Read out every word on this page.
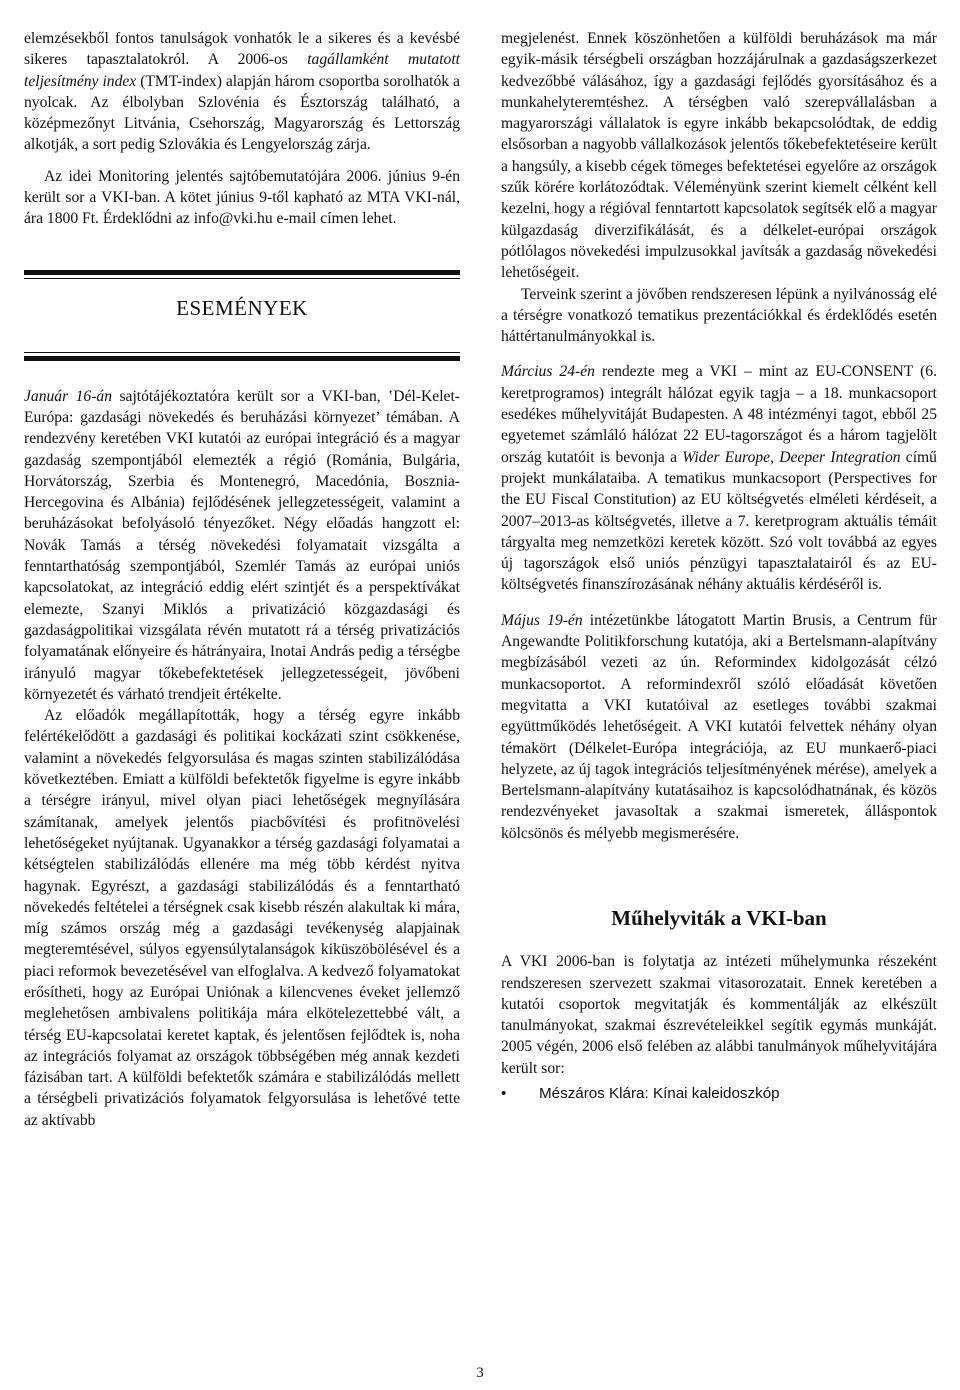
elemzésekből fontos tanulságok vonhatók le a sikeres és a kevésbé sikeres tapasztalatokról. A 2006-os tagállamként mutatott teljesítmény index (TMT-index) alapján három csoportba sorolhatók a nyolcak. Az élbolyban Szlovénia és Észtország található, a középmezőnyt Litvánia, Csehország, Magyarország és Lettország alkotják, a sort pedig Szlovákia és Lengyelország zárja.

Az idei Monitoring jelentés sajtóbemutatójára 2006. június 9-én került sor a VKI-ban. A kötet június 9-től kapható az MTA VKI-nál, ára 1800 Ft. Érdeklődni az info@vki.hu e-mail címen lehet.

ESEMÉNYEK

Január 16-án sajtótájékoztatóra került sor a VKI-ban, ‛Dél-Kelet-Európa: gazdasági növekedés és beruházási környezet’ témában. A rendezvény keretében VKI kutatói az európai integráció és a magyar gazdaság szempontjából elemezték a régió (Románia, Bulgária, Horvátország, Szerbia és Montenegró, Macedónia, Bosznia-Hercegovina és Albánia) fejlődésének jellegzetességeit, valamint a beruházásokat befolyásoló tényezőket. Négy előadás hangzott el: Novák Tamás a térség növekedési folyamatait vizsgálta a fenntarthatóság szempontjából, Szemlér Tamás az európai uniós kapcsolatokat, az integráció eddig elért szintjét és a perspektívákat elemezte, Szanyi Miklós a privatizáció közgazdasági és gazdaságpolitikai vizsgálata révén mutatott rá a térség privatizációs folyamatának előnyeire és hátrányaira, Inotai András pedig a térségbe irányuló magyar tőkebefektetések jellegzetességeit, jövőbeni környezetét és várható trendjeit értékelte.

Az előadók megállapították, hogy a térség egyre inkább felértékelődött a gazdasági és politikai kockázati szint csökkenése, valamint a növekedés felgyorsulása és magas szinten stabilizálódása következtében. Emiatt a külföldi befektetők figyelme is egyre inkább a térségre irányul, mivel olyan piaci lehetőségek megnyílására számítanak, amelyek jelentős piacbővítési és profitnövelési lehetőségeket nyújtanak. Ugyanakkor a térség gazdasági folyamatai a kétségtelen stabilizálódás ellenére ma még több kérdést nyitva hagynak. Egyrészt, a gazdasági stabilizálódás és a fenntartható növekedés feltételei a térségnek csak kisebb részén alakultak ki mára, míg számos ország még a gazdasági tevékenység alapjainak megteremtésével, súlyos egyensúlytalanságok kiküszöbölésével és a piaci reformok bevezetésével van elfoglalva. A kedvező folyamatokat erősítheti, hogy az Európai Uniónak a kilencvenes éveket jellemző meglehetősen ambivalens politikája mára elkötelezettebbé vált, a térség EU-kapcsolatai keretet kaptak, és jelentősen fejlődtek is, noha az integrációs folyamat az országok többségében még annak kezdeti fázisában tart. A külföldi befektetők számára e stabilizálódás mellett a térségbeli privatizációs folyamatok felgyorsulása is lehetővé tette az aktívabb

megjelenést. Ennek köszönhetően a külföldi beruházások ma már egyik-másik térségbeli országban hozzájárulnak a gazdaságszerkezet kedvezőbbé válásához, így a gazdasági fejlődés gyorsításához és a munkahelyteremtéshez. A térségben való szerepvállalásban a magyarországi vállalatok is egyre inkább bekapcsolódtak, de eddig elsősorban a nagyobb vállalkozások jelentős tőkebefektetéseire került a hangsúly, a kisebb cégek tömeges befektetései egyelőre az országok szűk körére korlátozódtak. Véleményünk szerint kiemelt célként kell kezelni, hogy a régióval fenntartott kapcsolatok segítsék elő a magyar külgazdaság diverzifikálását, és a délkelet-európai országok pótlólagos növekedési impulzusokkal javítsák a gazdaság növekedési lehetőségeit.

Terveink szerint a jövőben rendszeresen lépünk a nyilvánosság elé a térségre vonatkozó tematikus prezentációkkal és érdeklődés esetén háttértanulmányokkal is.

Március 24-én rendezte meg a VKI – mint az EU-CONSENT (6. keretprogramos) integrált hálózat egyik tagja – a 18. munkacsoport esedékes műhelyvitáját Budapesten. A 48 intézményi tagot, ebből 25 egyetemet számláló hálózat 22 EU-tagországot és a három tagjelölt ország kutatóit is bevonja a Wider Europe, Deeper Integration című projekt munkálataiba. A tematikus munkacsoport (Perspectives for the EU Fiscal Constitution) az EU költségvetés elméleti kérdéseit, a 2007–2013-as költségvetés, illetve a 7. keretprogram aktuális témáit tárgyalta meg nemzetközi keretek között. Szó volt továbbá az egyes új tagországok első uniós pénzügyi tapasztalatairól és az EU-költségvetés finanszírozásának néhány aktuális kérdéséről is.

Május 19-én intézetünkbe látogatott Martin Brusis, a Centrum für Angewandte Politikforschung kutatója, aki a Bertelsmann-alapítvány megbízásából vezeti az ún. Reformindex kidolgozását célzó munkacsoportot. A reformindexről szóló előadását követően megvitatta a VKI kutatóival az esetleges további szakmai együttműködés lehetőségeit. A VKI kutatói felvettek néhány olyan témakört (Délkelet-Európa integrációja, az EU munkaerő-piaci helyzete, az új tagok integrációs teljesítményének mérése), amelyek a Bertelsmann-alapítvány kutatásaihoz is kapcsolódhatnának, és közös rendezvényeket javasoltak a szakmai ismeretek, álláspontok kölcsönös és mélyebb megismerésére.

Műhelyviták a VKI-ban

A VKI 2006-ban is folytatja az intézeti műhelymunka részeként rendszeresen szervezett szakmai vitasorozatait. Ennek keretében a kutatói csoportok megvitatják és kommentálják az elkészült tanulmányokat, szakmai észrevételeikkel segítik egymás munkáját. 2005 végén, 2006 első felében az alábbi tanulmányok műhelyvitájára került sor:

• Mészáros Klára: Kínai kaleidoszkóp
3
